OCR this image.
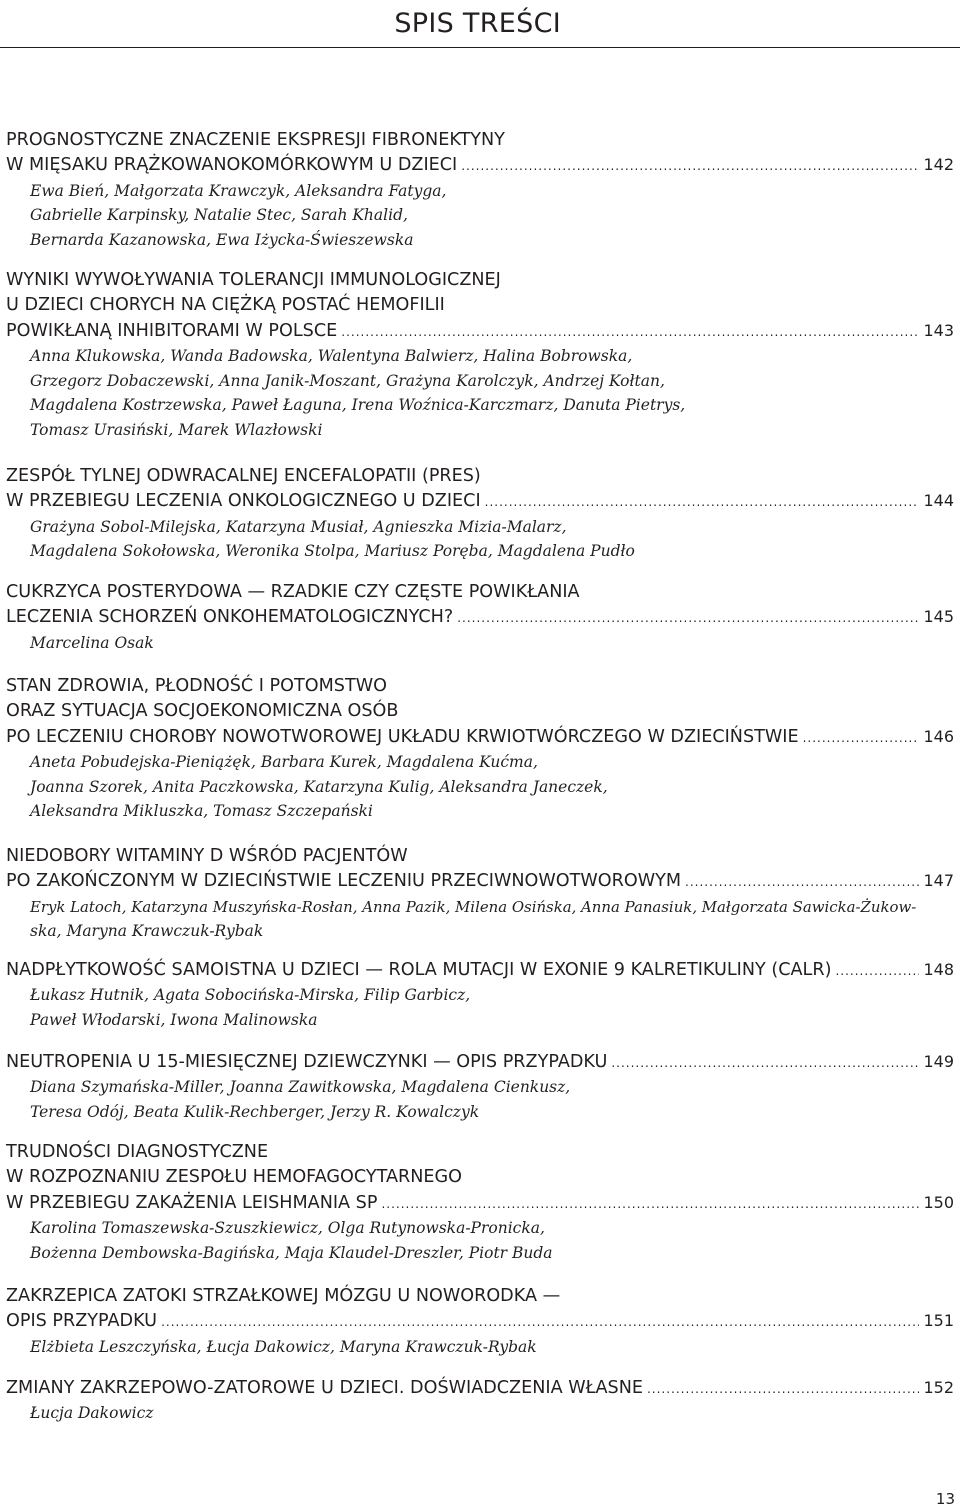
SPIS TREŚCI
PROGNOSTYCZNE ZNACZENIE EKSPRESJI FIBRONEKTYNY
W MIĘSAKU PRĄŻKOWANOKOMÓRKOWYM U DZIECI .....	142
Ewa Bień, Małgorzata Krawczyk, Aleksandra Fatyga,
Gabrielle Karpinsky, Natalie Stec, Sarah Khalid,
Bernarda Kazanowska, Ewa Iżycka-Świeszewska
WYNIKI WYWOŁYWANIA TOLERANCJI IMMUNOLOGICZNEJ
U DZIECI CHORYCH NA CIĘŻKĄ POSTAĆ HEMOFILII
POWIKŁANĄ INHIBITORAMI W POLSCE .....	143
Anna Klukowska, Wanda Badowska, Walentyna Balwierz, Halina Bobrowska,
Grzegorz Dobaczewski, Anna Janik-Moszant, Grażyna Karolczyk, Andrzej Kołtan,
Magdalena Kostrzewska, Paweł Łaguna, Irena Woźnica-Karczmarz, Danuta Pietrys,
Tomasz Urasiński, Marek Wlazłowski
ZESPÓŁ TYLNEJ ODWRACALNEJ ENCEFALOPATII (PRES)
W PRZEBIEGU LECZENIA ONKOLOGICZNEGO U DZIECI .....	144
Grażyna Sobol-Milejska, Katarzyna Musiał, Agnieszka Mizia-Malarz,
Magdalena Sokołowska, Weronika Stolpa, Mariusz Poręba, Magdalena Pudło
CUKRZYCA POSTERYDOWA — RZADKIE CZY CZĘSTE POWIKŁANIA
LECZENIA SCHORZEŃ ONKOHEMATOLOGICZNYCH? .....	145
Marcelina Osak
STAN ZDROWIA, PŁODNOŚĆ I POTOMSTWO
ORAZ SYTUACJA SOCJOEKONOMICZNA OSÓB
PO LECZENIU CHOROBY NOWOTWOROWEJ UKŁADU KRWIOTWÓRCZEGO W DZIECIŃSTWIE .....	146
Aneta Pobudejska-Pieniążęk, Barbara Kurek, Magdalena Kućma,
Joanna Szorek, Anita Paczkowska, Katarzyna Kulig, Aleksandra Janeczek,
Aleksandra Mikluszka, Tomasz Szczepański
NIEDOBORY WITAMINY D WŚRÓD PACJENTÓW
PO ZAKOŃCZONYM W DZIECIŃSTWIE LECZENIU PRZECIWNOWOTWOROWYM .....	147
Eryk Latoch, Katarzyna Muszyńska-Rosłan, Anna Pazik, Milena Osińska, Anna Panasiuk, Małgorzata Sawicka-Żukow-
ska, Maryna Krawczuk-Rybak
NADPŁYTKOWOŚĆ SAMOISTNA U DZIECI — ROLA MUTACJI W EXONIE 9 KALRETIKULINY (CALR) .....	148
Łukasz Hutnik, Agata Sobocińska-Mirska, Filip Garbicz,
Paweł Włodarski, Iwona Malinowska
NEUTROPENIA U 15-MIESIĘCZNEJ DZIEWCZYNKI — OPIS PRZYPADKU .....	149
Diana Szymańska-Miller, Joanna Zawitkowska, Magdalena Cienkusz,
Teresa Odój, Beata Kulik-Rechberger, Jerzy R. Kowalczyk
TRUDNOŚCI DIAGNOSTYCZNE
W ROZPOZNANIU ZESPOŁU HEMOFAGOCYTARNEGO
W PRZEBIEGU ZAKAŻENIA LEISHMANIA SP .....	150
Karolina Tomaszewska-Szuszkiewicz, Olga Rutynowska-Pronicka,
Bożenna Dembowska-Bagińska, Maja Klaudel-Dreszler, Piotr Buda
ZAKRZEPICA ZATOKI STRZAŁKOWEJ MÓZGU U NOWORODKA —
OPIS PRZYPADKU .....	151
Elżbieta Leszczyńska, Łucja Dakowicz, Maryna Krawczuk-Rybak
ZMIANY ZAKRZEPOWO-ZATOROWE U DZIECI. DOŚWIADCZENIA WŁASNE .....	152
Łucja Dakowicz
13
